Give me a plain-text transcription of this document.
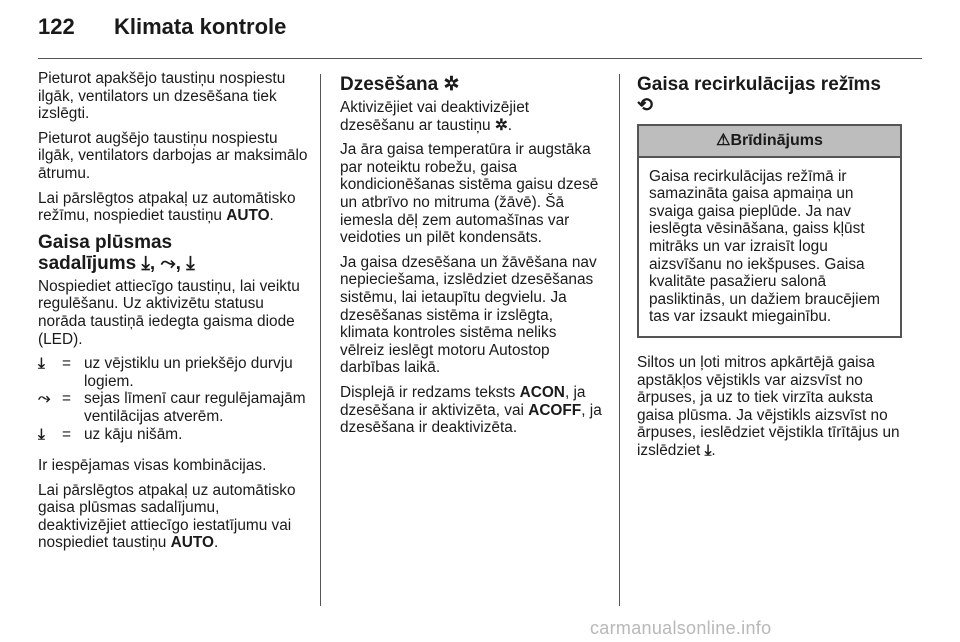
122 Klimata kontrole

Pieturot apakšējo taustiņu nospiestu ilgāk, ventilators un dzesēšana tiek izslēgti.

Pieturot augšējo taustiņu nospiestu ilgāk, ventilators darbojas ar maksimālo ātrumu.

Lai pārslēgtos atpakaļ uz automātisko režīmu, nospiediet taustiņu AUTO.

Gaisa plūsmas
sadalījums ⤓, ⤳, ⤓

Nospiediet attiecīgo taustiņu, lai veiktu regulēšanu. Uz aktivizētu statusu norāda taustiņā iedegta gaisma diode (LED).

⤓	= uz vējstiklu un priekšējo durvju logiem.
⤳ = sejas līmenī caur regulējamajām ventilācijas atverēm.
⤓	= uz kāju nišām.

Ir iespējamas visas kombinācijas.

Lai pārslēgtos atpakaļ uz automātisko gaisa plūsmas sadalījumu, deaktivizējiet attiecīgo iestatījumu vai nospiediet taustiņu AUTO.

Dzesēšana ✲

Aktivizējiet vai deaktivizējiet dzesēšanu ar taustiņu ✲.

Ja āra gaisa temperatūra ir augstāka par noteiktu robežu, gaisa kondicionēšanas sistēma gaisu dzesē un atbrīvo no mitruma (žāvē). Šā iemesla dēļ zem automašīnas var veidoties un pilēt kondensāts.

Ja gaisa dzesēšana un žāvēšana nav nepieciešama, izslēdziet dzesēšanas sistēmu, lai ietaupītu degvielu. Ja dzesēšanas sistēma ir izslēgta, klimata kontroles sistēma neliks vēlreiz ieslēgt motoru Autostop darbības laikā.

Displejā ir redzams teksts ACON, ja dzesēšana ir aktivizēta, vai ACOFF, ja dzesēšana ir deaktivizēta.

Gaisa recirkulācijas režīms ⟲
⚠Brīdinājums
Gaisa recirkulācijas režīmā ir samazināta gaisa apmaiņa un svaiga gaisa pieplūde. Ja nav ieslēgta vēsināšana, gaiss kļūst mitrāks un var izraisīt logu aizsvīšanu no iekšpuses. Gaisa kvalitāte pasažieru salonā pasliktinās, un dažiem braucējiem tas var izsaukt miegainību.

Siltos un ļoti mitros apkārtējā gaisa apstākļos vējstikls var aizsvīst no ārpuses, ja uz to tiek virzīta auksta gaisa plūsma. Ja vējstikls aizsvīst no ārpuses, ieslēdziet vējstikla tīrītājus un izslēdziet ⤓.

carmanualsonline.info
